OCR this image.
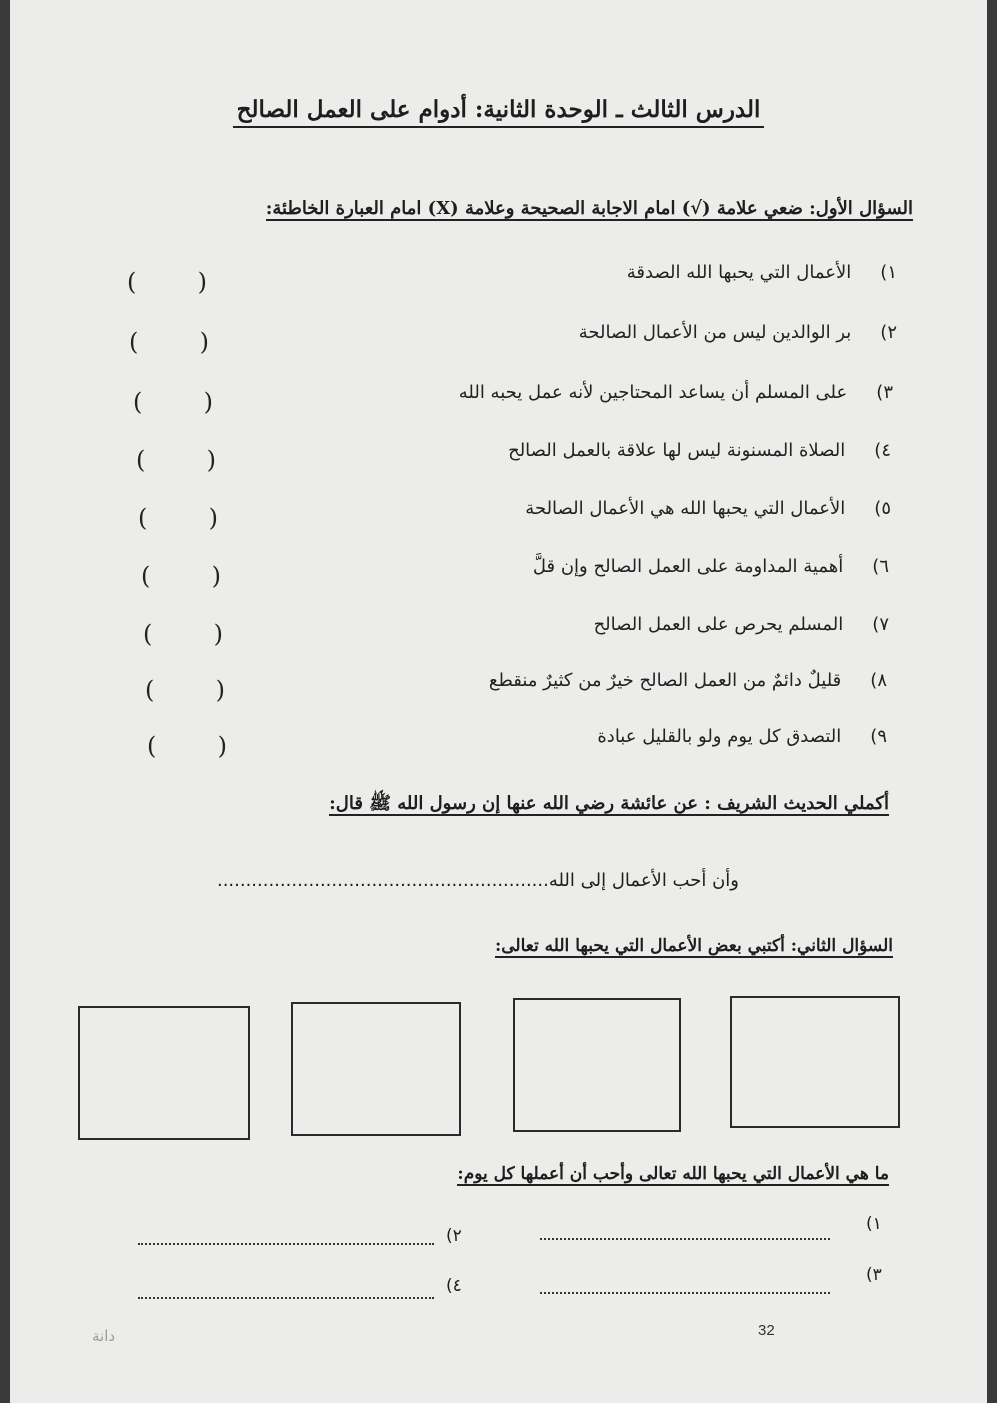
الدرس الثالث ـ الوحدة الثانية: أدوام على العمل الصالح
السؤال الأول: ضعي علامة (√) امام الاجابة الصحيحة وعلامة (X) امام العبارة الخاطئة:
١) الأعمال التي يحبها الله الصدقة
(	)
٢) بر الوالدين ليس من الأعمال الصالحة
(	)
٣) على المسلم أن يساعد المحتاجين لأنه عمل يحبه الله
(	)
٤) الصلاة المسنونة ليس لها علاقة بالعمل الصالح
(	)
٥) الأعمال التي يحبها الله هي الأعمال الصالحة
(	)
٦) أهمية المداومة على العمل الصالح وإن قلَّ
(	)
٧) المسلم يحرص على العمل الصالح
(	)
٨) قليلٌ دائمٌ من العمل الصالح خيرٌ من كثيرٌ منقطع
(	)
٩) التصدق كل يوم ولو بالقليل عبادة
(	)
أكملي الحديث الشريف : عن عائشة رضي الله عنها إن رسول الله ﷺ قال:
وأن أحب الأعمال إلى الله..........................................................
السؤال الثاني: أكتبي بعض الأعمال التي يحبها الله تعالى:
ما هي الأعمال التي يحبها الله تعالى وأحب أن أعملها كل يوم:
١)
٢)
٣)
٤)
32
دانة
